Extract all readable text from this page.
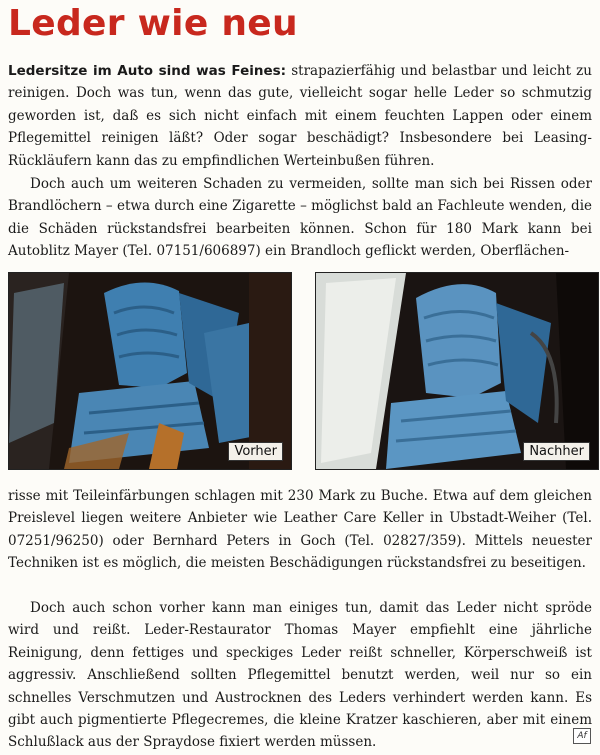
Leder wie neu

Ledersitze im Auto sind was Feines: strapazierfähig und belastbar und leicht zu reinigen. Doch was tun, wenn das gute, vielleicht sogar helle Leder so schmutzig geworden ist, daß es sich nicht einfach mit einem feuchten Lappen oder einem Pflegemittel reinigen läßt? Oder sogar beschädigt? Insbesondere bei Leasing-Rückläufern kann das zu empfindlichen Werteinbußen führen.

Doch auch um weiteren Schaden zu vermeiden, sollte man sich bei Rissen oder Brandlöchern – etwa durch eine Zigarette – möglichst bald an Fachleute wenden, die die Schäden rückstandsfrei bearbeiten können. Schon für 180 Mark kann bei Autoblitz Mayer (Tel. 07151/606897) ein Brandloch geflickt werden, Oberflächen-

Vorher	Nachher

risse mit Teileinfärbungen schlagen mit 230 Mark zu Buche. Etwa auf dem gleichen Preislevel liegen weitere Anbieter wie Leather Care Keller in Ubstadt-Weiher (Tel. 07251/96250) oder Bernhard Peters in Goch (Tel. 02827/359). Mittels neuester Techniken ist es möglich, die meisten Beschädigungen rückstandsfrei zu beseitigen.

Doch auch schon vorher kann man einiges tun, damit das Leder nicht spröde wird und reißt. Leder-Restaurator Thomas Mayer empfiehlt eine jährliche Reinigung, denn fettiges und speckiges Leder reißt schneller, Körperschweiß ist aggressiv. Anschließend sollten Pflegemittel benutzt werden, weil nur so ein schnelles Verschmutzen und Austrocknen des Leders verhindert werden kann. Es gibt auch pigmentierte Pflegecremes, die kleine Kratzer kaschieren, aber mit einem Schlußlack aus der Spraydose fixiert werden müssen.	Af
